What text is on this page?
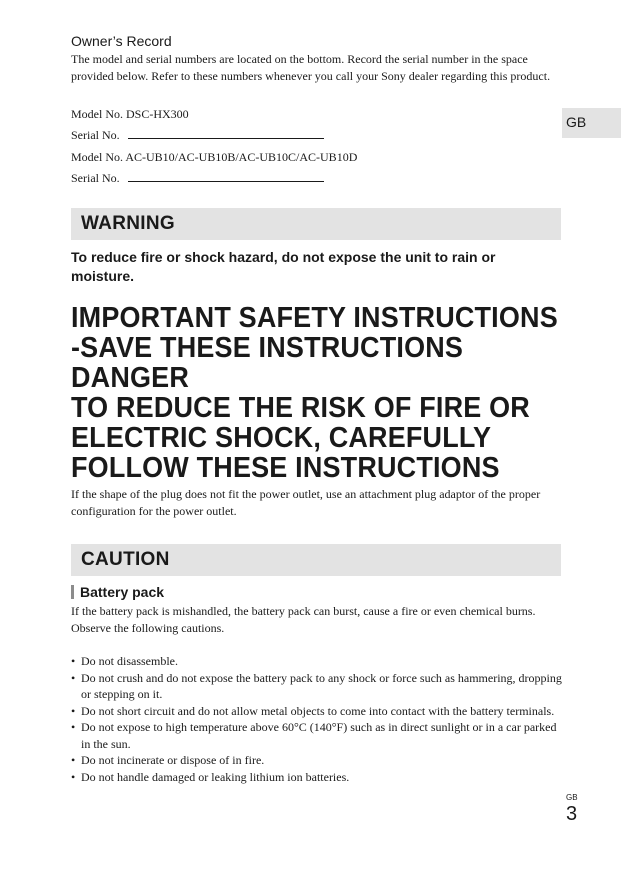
Owner’s Record
The model and serial numbers are located on the bottom. Record the serial number in the space provided below. Refer to these numbers whenever you call your Sony dealer regarding this product.
Model No. DSC-HX300
Serial No.
Model No. AC-UB10/AC-UB10B/AC-UB10C/AC-UB10D
Serial No.
GB
WARNING
To reduce fire or shock hazard, do not expose the unit to rain or moisture.
IMPORTANT SAFETY INSTRUCTIONS
-SAVE THESE INSTRUCTIONS
DANGER
TO REDUCE THE RISK OF FIRE OR
ELECTRIC SHOCK, CAREFULLY
FOLLOW THESE INSTRUCTIONS
If the shape of the plug does not fit the power outlet, use an attachment plug adaptor of the proper configuration for the power outlet.
CAUTION
Battery pack
If the battery pack is mishandled, the battery pack can burst, cause a fire or even chemical burns. Observe the following cautions.
• Do not disassemble.
• Do not crush and do not expose the battery pack to any shock or force such as hammering, dropping or stepping on it.
• Do not short circuit and do not allow metal objects to come into contact with the battery terminals.
• Do not expose to high temperature above 60°C (140°F) such as in direct sunlight or in a car parked in the sun.
• Do not incinerate or dispose of in fire.
• Do not handle damaged or leaking lithium ion batteries.
GB
3
